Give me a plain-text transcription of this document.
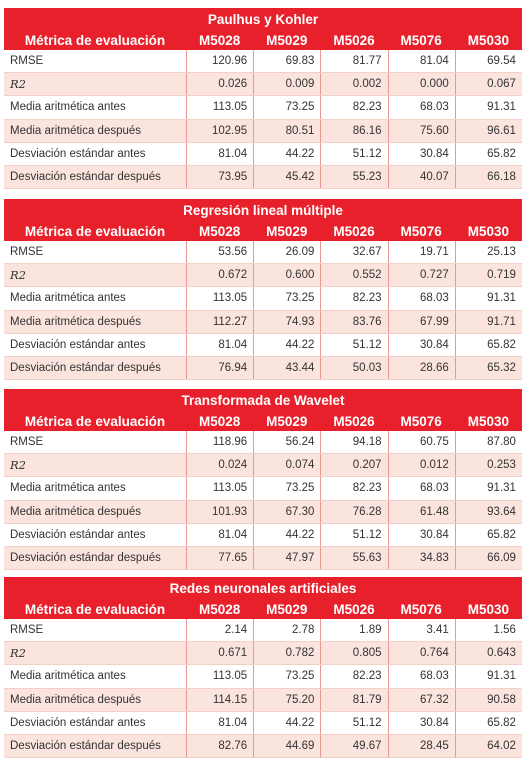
Paulhus y Kohler
Métrica de evaluación	M5028	M5029	M5026	M5076	M5030
RMSE	120.96	69.83	81.77	81.04	69.54
R2	0.026	0.009	0.002	0.000	0.067
Media aritmética antes	113.05	73.25	82.23	68.03	91.31
Media aritmética después	102.95	80.51	86.16	75.60	96.61
Desviación estándar antes	81.04	44.22	51.12	30.84	65.82
Desviación estándar después	73.95	45.42	55.23	40.07	66.18
Regresión lineal múltiple
Métrica de evaluación	M5028	M5029	M5026	M5076	M5030
RMSE	53.56	26.09	32.67	19.71	25.13
R2	0.672	0.600	0.552	0.727	0.719
Media aritmética antes	113.05	73.25	82.23	68.03	91.31
Media aritmética después	112.27	74.93	83.76	67.99	91.71
Desviación estándar antes	81.04	44.22	51.12	30.84	65.82
Desviación estándar después	76.94	43.44	50.03	28.66	65.32
Transformada de Wavelet
Métrica de evaluación	M5028	M5029	M5026	M5076	M5030
RMSE	118.96	56.24	94.18	60.75	87.80
R2	0.024	0.074	0.207	0.012	0.253
Media aritmética antes	113.05	73.25	82.23	68.03	91.31
Media aritmética después	101.93	67.30	76.28	61.48	93.64
Desviación estándar antes	81.04	44.22	51.12	30.84	65.82
Desviación estándar después	77.65	47.97	55.63	34.83	66.09
Redes neuronales artificiales
Métrica de evaluación	M5028	M5029	M5026	M5076	M5030
RMSE	2.14	2.78	1.89	3.41	1.56
R2	0.671	0.782	0.805	0.764	0.643
Media aritmética antes	113.05	73.25	82.23	68.03	91.31
Media aritmética después	114.15	75.20	81.79	67.32	90.58
Desviación estándar antes	81.04	44.22	51.12	30.84	65.82
Desviación estándar después	82.76	44.69	49.67	28.45	64.02
